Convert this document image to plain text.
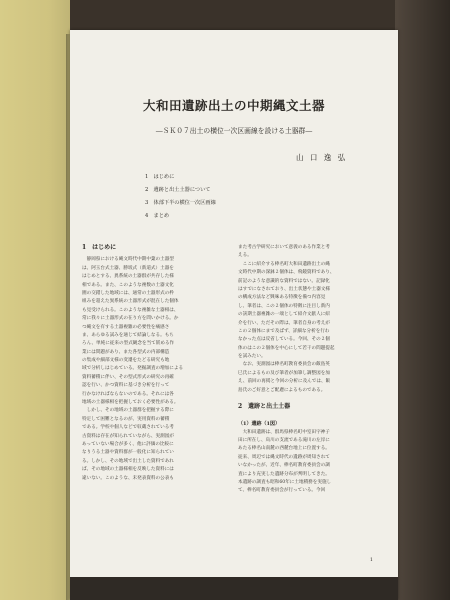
大和田遺跡出土の中期縄文土器
―ＳＫ０７出土の横位一次区画線を設ける土器群―
山 口 逸 弘
1　 はじめに
2　 遺跡と出土土器について
3　 体部下半の横位一次区画線
4　 まとめ
1　はじめに
　静岡県における縄文時代中期中葉の土器型
は、阿玉台式土器、勝坂式（新道式）土器を
はじめとする、異系統の土器群が共存した様
相である。また、このような複数の土器文化
圏の交錯した地域には、通常の土器形式の枠
組みを超えた異系統の土器形式が混在した個体
も見受けられる。このような複雑な土器相は、
常に我々に土器形式の在り方を問いかける。か
つ縄文を有する土器複雑の必要性を痛感さ
ま、あらゆる試みを通じて結論しなる。もち
ろん、単純に従来の型式観念を当て嵌める作
業には問題があり、また各型式の内部構造
の集成や細部文様の変遷をたどる研究も地
域で分析しはじめている。発掘調査の増加による
資料蓄積に伴い、その型式形式の研究の再確
認を行い、かつ資料に基づき分析を行って
行かなければならないのである。それには各
地域の土器様相を把握しておく必要性がある。
　しかし、その地域の土器群を把握する際に
特定して困難となるのが、実用資料の蓄積
である。学校や個人などで収蔵されている考
古資料は存在が知られていながら、実測図が
あっていない場合が多く、他に評価の比較に
なりうる土器や資料群が一般化に知られてい
る。しかし、その地域で出土した資料であれ
ば、その地域の土器様相を反映した資料には
違いない。このような、未発表資料の公表も
また考古学研究において意義のある作業と考
える。
　ここに紹介する棒名町大和田遺跡出土の縄
文時代中期の深鉢２個体は、飛鏡資料であり、
前記のような意識的な資料ではない。記録化
はすでになされており、出土状態や土器文様
の構成方法など興味ある特徴を備つ内容見
し、筆者は、この２個体の特徴に注目し新内
の該期土器複雑の一端として紹介文献人に紹
介を行い、ただその際は、筆者自身の考えが
この２個体にまで及ばず、詳細な分析を行わ
なかった点は反省している。今回、その２個
体のはこの２個体を中心にして若干の問題提起
を試みたい。
　なお、実測図は棒名町教育委員会の飯島英
巳氏によるもの及び筆者が加筆し調整図を加
え、前回の再掲と今回の分析に及んでは、飯
島氏のご好意とご配慮によるものである。
2　遺跡と出土土器
（1）遺跡（1図）
　大和田遺跡は、群馬県棒名町中室田字神子
田に所在し、烏川の支流である滝川の左岸に
あたる棒名山南麓の西麓台地上に位置する。
従来、周辺では縄文時代の遺跡が周知されて
いなかったが、近年、棒名町教育委員会の調
査により充実した遺跡分布が判明してきた。
本遺跡の調査も昭和60年に土地積務を実施し
て、棒名町教育委員会が行っている。今回
1
